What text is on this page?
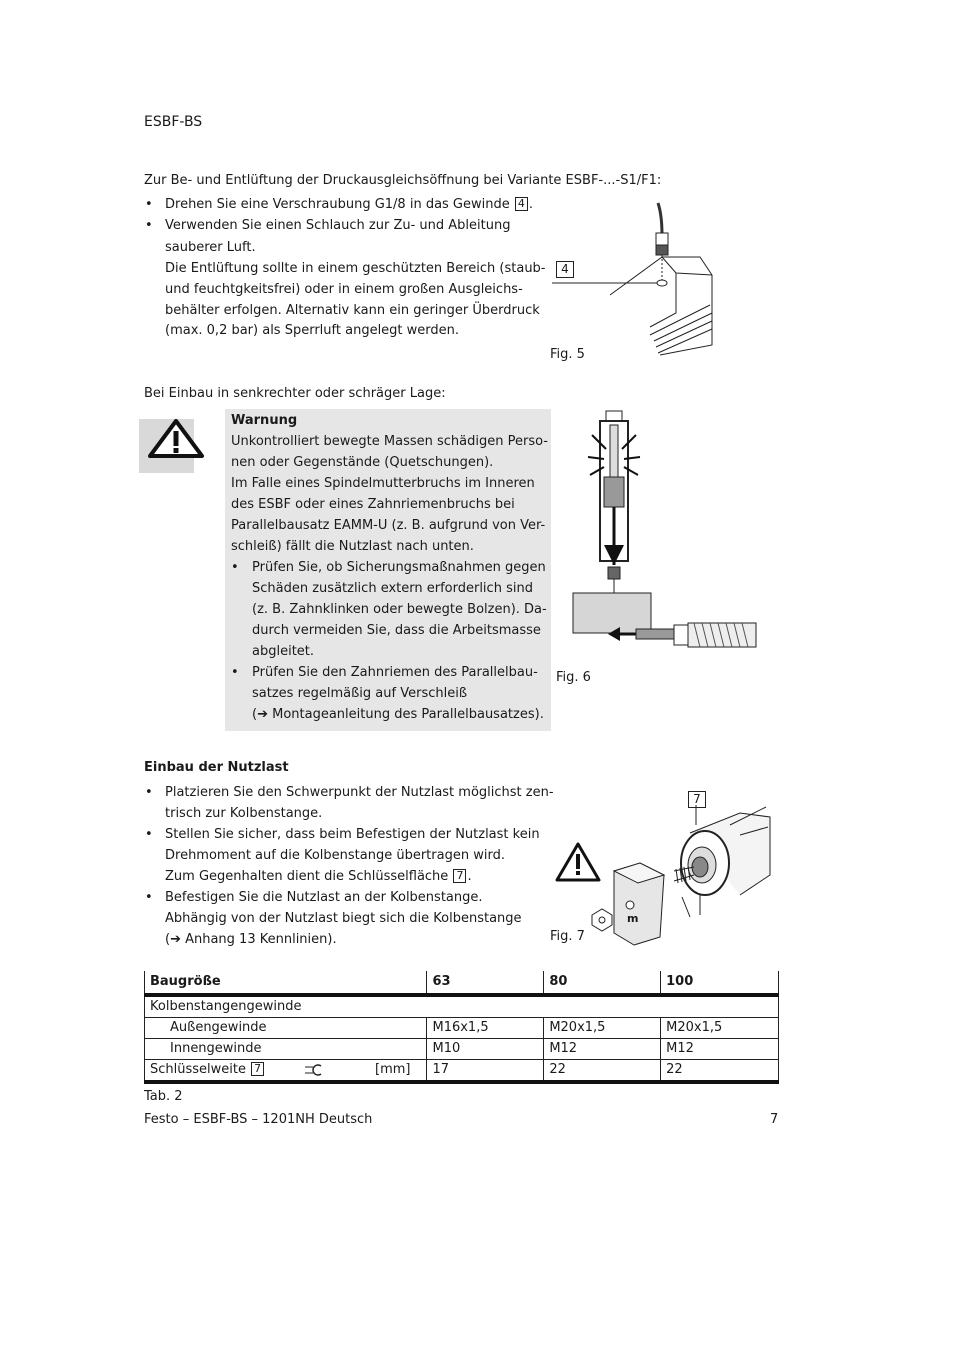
ESBF-BS
Zur Be- und Entlüftung der Druckausgleichsöffnung bei Variante ESBF-...-S1/F1:
• Drehen Sie eine Verschraubung G1/8 in das Gewinde 4 .
• Verwenden Sie einen Schlauch zur Zu- und Ableitung
sauberer Luft.
Die Entlüftung sollte in einem geschützten Bereich (staub-
und feuchtgkeitsfrei) oder in einem großen Ausgleichs-
behälter erfolgen. Alternativ kann ein geringer Überdruck
(max. 0,2 bar) als Sperrluft angelegt werden.
4
Fig. 5
Bei Einbau in senkrechter oder schräger Lage:
Warnung
Unkontrolliert bewegte Massen schädigen Perso-
nen oder Gegenstände (Quetschungen).
Im Falle eines Spindelmutterbruchs im Inneren
des ESBF oder eines Zahnriemenbruchs bei
Parallelbausatz EAMM-U (z. B. aufgrund von Ver-
schleiß) fällt die Nutzlast nach unten.
• Prüfen Sie, ob Sicherungsmaßnahmen gegen
Schäden zusätzlich extern erforderlich sind
(z. B. Zahnklinken oder bewegte Bolzen). Da-
durch vermeiden Sie, dass die Arbeitsmasse
abgleitet.
• Prüfen Sie den Zahnriemen des Parallelbau-
satzes regelmäßig auf Verschleiß
(➔ Montageanleitung des Parallelbausatzes).
Fig. 6
Einbau der Nutzlast
• Platzieren Sie den Schwerpunkt der Nutzlast möglichst zen-
trisch zur Kolbenstange.
• Stellen Sie sicher, dass beim Befestigen der Nutzlast kein
Drehmoment auf die Kolbenstange übertragen wird.
Zum Gegenhalten dient die Schlüsselfläche 7 .
• Befestigen Sie die Nutzlast an der Kolbenstange.
Abhängig von der Nutzlast biegt sich die Kolbenstange
(➔ Anhang 13 Kennlinien).
7
m
Fig. 7
Baugröße	63	80	100
Kolbenstangengewinde			
Außengewinde	M16x1,5	M20x1,5	M20x1,5
Innengewinde	M10	M12	M12
Schlüsselweite 7 [mm]	17	22	22
Tab. 2
Festo – ESBF-BS – 1201NH Deutsch	7
